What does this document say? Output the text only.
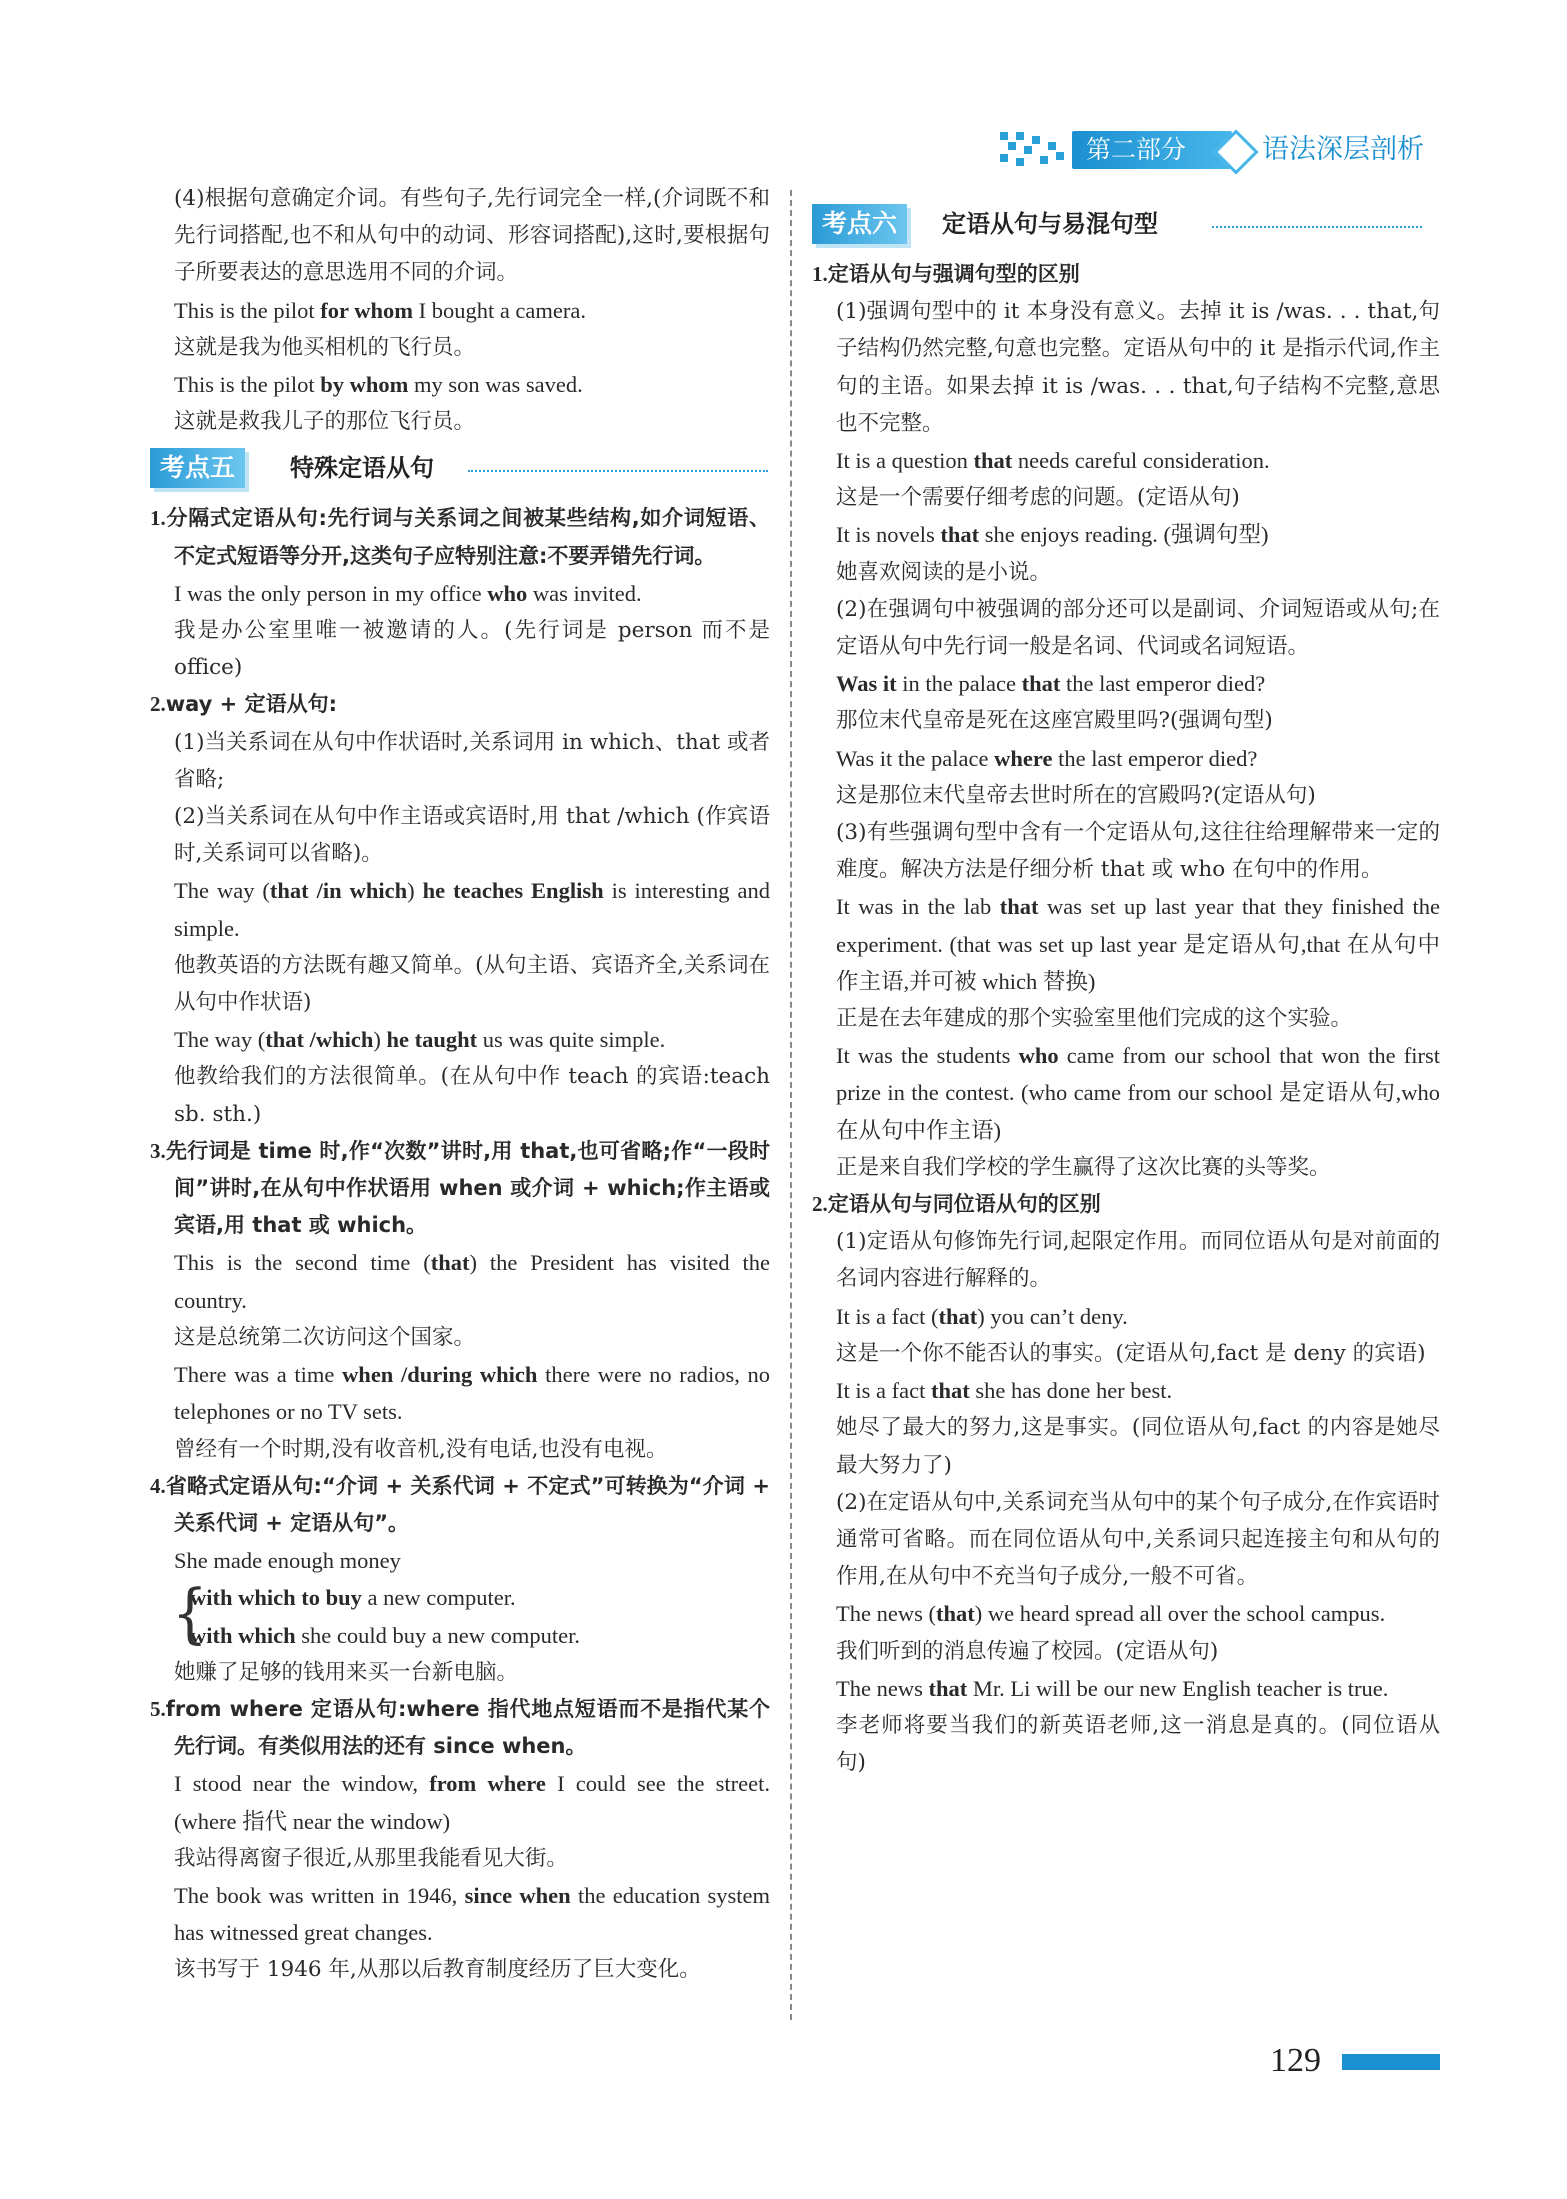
第二部分	语法深层剖析

(4)根据句意确定介词。有些句子,先行词完全一样,(介词既不和先行词搭配,也不和从句中的动词、形容词搭配),这时,要根据句子所要表达的意思选用不同的介词。

This is the pilot for whom I bought a camera.

这就是我为他买相机的飞行员。

This is the pilot by whom my son was saved.

这就是救我儿子的那位飞行员。

考点五	特殊定语从句

1.分隔式定语从句:先行词与关系词之间被某些结构,如介词短语、不定式短语等分开,这类句子应特别注意:不要弄错先行词。

I was the only person in my office who was invited.

我是办公室里唯一被邀请的人。(先行词是 person 而不是 office)

2.way + 定语从句:

(1)当关系词在从句中作状语时,关系词用 in which、that 或者省略;

(2)当关系词在从句中作主语或宾语时,用 that /which (作宾语时,关系词可以省略)。

The way (that /in which) he teaches English is interesting and simple.

他教英语的方法既有趣又简单。(从句主语、宾语齐全,关系词在从句中作状语)

The way (that /which) he taught us was quite simple.

他教给我们的方法很简单。(在从句中作 teach 的宾语:teach sb. sth.)

3.先行词是 time 时,作“次数”讲时,用 that,也可省略;作“一段时间”讲时,在从句中作状语用 when 或介词 + which;作主语或宾语,用 that 或 which。

This is the second time (that) the President has visited the country.

这是总统第二次访问这个国家。

There was a time when /during which there were no radios, no telephones or no TV sets.

曾经有一个时期,没有收音机,没有电话,也没有电视。

4.省略式定语从句:“介词 + 关系代词 + 不定式”可转换为“介词 + 关系代词 + 定语从句”。

She made enough money

{

with which to buy a new computer.

with which she could buy a new computer.

她赚了足够的钱用来买一台新电脑。

5.from where 定语从句:where 指代地点短语而不是指代某个先行词。有类似用法的还有 since when。

I stood near the window, from where I could see the street. (where 指代 near the window)

我站得离窗子很近,从那里我能看见大街。

The book was written in 1946, since when the education system has witnessed great changes.

该书写于 1946 年,从那以后教育制度经历了巨大变化。

考点六	定语从句与易混句型

1.定语从句与强调句型的区别

(1)强调句型中的 it 本身没有意义。去掉 it is /was. . . that,句子结构仍然完整,句意也完整。定语从句中的 it 是指示代词,作主句的主语。如果去掉 it is /was. . . that,句子结构不完整,意思也不完整。

It is a question that needs careful consideration.

这是一个需要仔细考虑的问题。(定语从句)

It is novels that she enjoys reading. (强调句型)

她喜欢阅读的是小说。

(2)在强调句中被强调的部分还可以是副词、介词短语或从句;在定语从句中先行词一般是名词、代词或名词短语。

Was it in the palace that the last emperor died?

那位末代皇帝是死在这座宫殿里吗?(强调句型)

Was it the palace where the last emperor died?

这是那位末代皇帝去世时所在的宫殿吗?(定语从句)

(3)有些强调句型中含有一个定语从句,这往往给理解带来一定的难度。解决方法是仔细分析 that 或 who 在句中的作用。

It was in the lab that was set up last year that they finished the experiment. (that was set up last year 是定语从句,that 在从句中作主语,并可被 which 替换)

正是在去年建成的那个实验室里他们完成的这个实验。

It was the students who came from our school that won the first prize in the contest. (who came from our school 是定语从句,who 在从句中作主语)

正是来自我们学校的学生赢得了这次比赛的头等奖。

2.定语从句与同位语从句的区别

(1)定语从句修饰先行词,起限定作用。而同位语从句是对前面的名词内容进行解释的。

It is a fact (that) you can’t deny.

这是一个你不能否认的事实。(定语从句,fact 是 deny 的宾语)

It is a fact that she has done her best.

她尽了最大的努力,这是事实。(同位语从句,fact 的内容是她尽最大努力了)

(2)在定语从句中,关系词充当从句中的某个句子成分,在作宾语时通常可省略。而在同位语从句中,关系词只起连接主句和从句的作用,在从句中不充当句子成分,一般不可省。

The news (that) we heard spread all over the school campus.

我们听到的消息传遍了校园。(定语从句)

The news that Mr. Li will be our new English teacher is true.

李老师将要当我们的新英语老师,这一消息是真的。(同位语从句)

129
